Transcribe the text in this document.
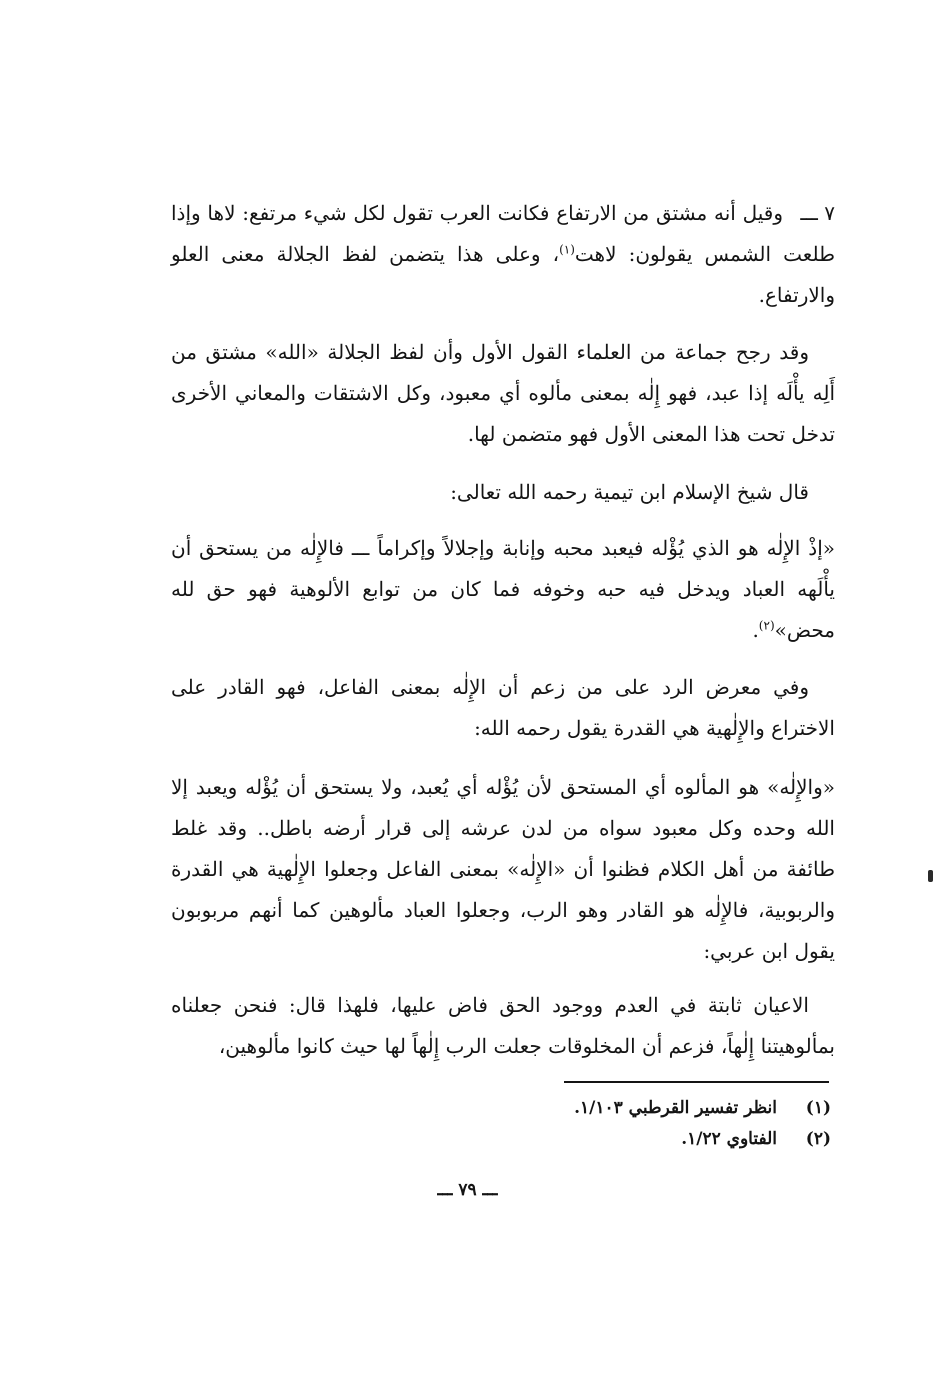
٧ ـــوقيل أنه مشتق من الارتفاع فكانت العرب تقول لكل شيء مرتفع: لاها وإذا طلعت الشمس يقولون: لاهت$^{(١)}$، وعلى هذا يتضمن لفظ الجلالة معنى العلو والارتفاع.

وقد رجح جماعة من العلماء القول الأول وأن لفظ الجلالة «الله» مشتق من أَلِه يأْلَه إذا عبد، فهو إِلٰه بمعنى مألوه أي معبود، وكل الاشتقات والمعاني الأخرى تدخل تحت هذا المعنى الأول فهو متضمن لها.

قال شيخ الإسلام ابن تيمية رحمه الله تعالى:

«إذْ الإِلٰه هو الذي يُؤْله فيعبد محبه وإنابة وإجلالاً وإكراماً ـــ فالإِلٰه من يستحق أن يأْلَهه العباد ويدخل فيه حبه وخوفه فما كان من توابع الألوهية فهو حق لله محض»$^{(٢)}$.

وفي معرض الرد على من زعم أن الإِلٰه بمعنى الفاعل، فهو القادر على الاختراع والإِلٰهية هي القدرة يقول رحمه الله:

«والإِلٰه» هو المألوه أي المستحق لأن يُؤْله أي يُعبد، ولا يستحق أن يُؤْله ويعبد إلا الله وحده وكل معبود سواه من لدن عرشه إلى قرار أرضه باطل.. وقد غلط طائفة من أهل الكلام فظنوا أن «الإِلٰه» بمعنى الفاعل وجعلوا الإِلٰهية هي القدرة والربوبية، فالإِلٰه هو القادر وهو الرب، وجعلوا العباد مألوهين كما أنهم مربوبون يقول ابن عربي:

الاعيان ثابتة في العدم ووجود الحق فاض عليها، فلهذا قال: فنحن جعلناه بمألوهيتنا إِلٰهاً، فزعم أن المخلوقات جعلت الرب إِلٰهاً لها حيث كانوا مألوهين،

(١)
انظر تفسير القرطبي ١/١٠٣.
(٢)
الفتاوي ١/٢٢.
ـــ ٧٩ ـــ
